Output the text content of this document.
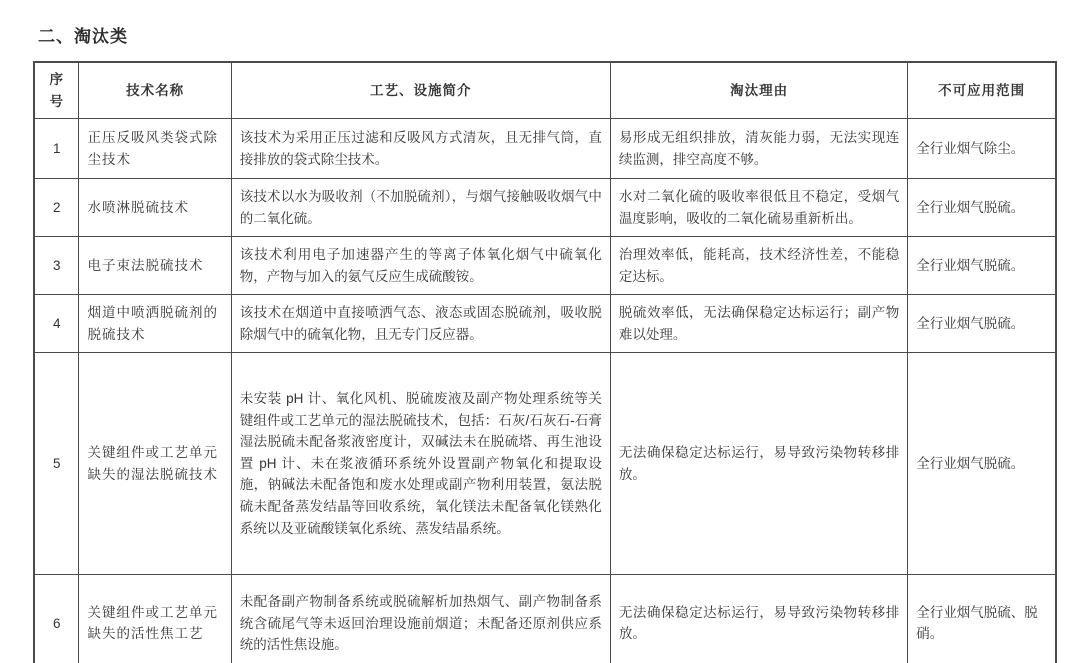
二、淘汰类
序号	技术名称	工艺、设施简介	淘汰理由	不可应用范围
1	正压反吸风类袋式除尘技术	该技术为采用正压过滤和反吸风方式清灰，且无排气筒，直接排放的袋式除尘技术。	易形成无组织排放，清灰能力弱，无法实现连续监测，排空高度不够。	全行业烟气除尘。
2	水喷淋脱硫技术	该技术以水为吸收剂（不加脱硫剂），与烟气接触吸收烟气中的二氧化硫。	水对二氧化硫的吸收率很低且不稳定，受烟气温度影响，吸收的二氧化硫易重新析出。	全行业烟气脱硫。
3	电子束法脱硫技术	该技术利用电子加速器产生的等离子体氧化烟气中硫氧化物，产物与加入的氨气反应生成硫酸铵。	治理效率低，能耗高，技术经济性差，不能稳定达标。	全行业烟气脱硫。
4	烟道中喷洒脱硫剂的脱硫技术	该技术在烟道中直接喷洒气态、液态或固态脱硫剂，吸收脱除烟气中的硫氧化物，且无专门反应器。	脱硫效率低，无法确保稳定达标运行；副产物难以处理。	全行业烟气脱硫。
5	关键组件或工艺单元缺失的湿法脱硫技术	未安装 pH 计、氧化风机、脱硫废液及副产物处理系统等关键组件或工艺单元的湿法脱硫技术，包括：石灰/石灰石-石膏湿法脱硫未配备浆液密度计，双碱法未在脱硫塔、再生池设置 pH 计、未在浆液循环系统外设置副产物氧化和提取设施，钠碱法未配备饱和废水处理或副产物利用装置，氨法脱硫未配备蒸发结晶等回收系统，氧化镁法未配备氧化镁熟化系统以及亚硫酸镁氧化系统、蒸发结晶系统。	无法确保稳定达标运行，易导致污染物转移排放。	全行业烟气脱硫。
6	关键组件或工艺单元缺失的活性焦工艺	未配备副产物制备系统或脱硫解析加热烟气、副产物制备系统含硫尾气等未返回治理设施前烟道；未配备还原剂供应系统的活性焦设施。	无法确保稳定达标运行，易导致污染物转移排放。	全行业烟气脱硫、脱硝。
